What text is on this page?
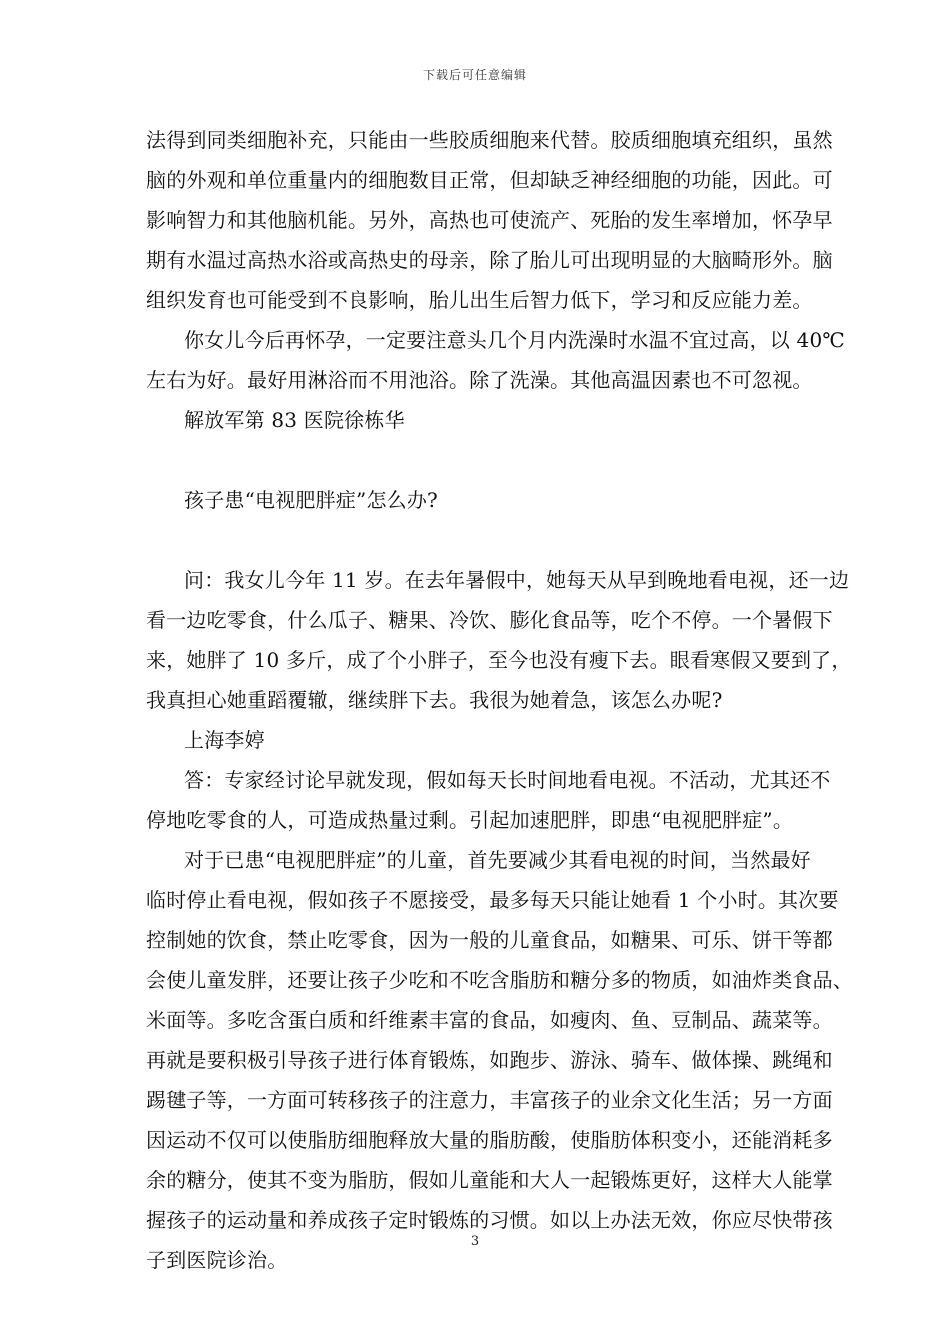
下载后可任意编辑
法得到同类细胞补充，只能由一些胶质细胞来代替。胶质细胞填充组织，虽然
脑的外观和单位重量内的细胞数目正常，但却缺乏神经细胞的功能，因此。可
影响智力和其他脑机能。另外，高热也可使流产、死胎的发生率增加，怀孕早
期有水温过高热水浴或高热史的母亲，除了胎儿可出现明显的大脑畸形外。脑
组织发育也可能受到不良影响，胎儿出生后智力低下，学习和反应能力差。
你女儿今后再怀孕，一定要注意头几个月内洗澡时水温不宜过高，以 40℃
左右为好。最好用淋浴而不用池浴。除了洗澡。其他高温因素也不可忽视。
解放军第 83 医院徐栋华
孩子患“电视肥胖症”怎么办?
问：我女儿今年 11 岁。在去年暑假中，她每天从早到晚地看电视，还一边
看一边吃零食，什么瓜子、糖果、冷饮、膨化食品等，吃个不停。一个暑假下
来，她胖了 10 多斤，成了个小胖子，至今也没有瘦下去。眼看寒假又要到了，
我真担心她重蹈覆辙，继续胖下去。我很为她着急，该怎么办呢?
上海李婷
答：专家经讨论早就发现，假如每天长时间地看电视。不活动，尤其还不
停地吃零食的人，可造成热量过剩。引起加速肥胖，即患“电视肥胖症”。
对于已患“电视肥胖症”的儿童，首先要减少其看电视的时间，当然最好
临时停止看电视，假如孩子不愿接受，最多每天只能让她看 1 个小时。其次要
控制她的饮食，禁止吃零食，因为一般的儿童食品，如糖果、可乐、饼干等都
会使儿童发胖，还要让孩子少吃和不吃含脂肪和糖分多的物质，如油炸类食品、
米面等。多吃含蛋白质和纤维素丰富的食品，如瘦肉、鱼、豆制品、蔬菜等。
再就是要积极引导孩子进行体育锻炼，如跑步、游泳、骑车、做体操、跳绳和
踢毽子等，一方面可转移孩子的注意力，丰富孩子的业余文化生活；另一方面
因运动不仅可以使脂肪细胞释放大量的脂肪酸，使脂肪体积变小，还能消耗多
余的糖分，使其不变为脂肪，假如儿童能和大人一起锻炼更好，这样大人能掌
握孩子的运动量和养成孩子定时锻炼的习惯。如以上办法无效，你应尽快带孩
子到医院诊治。
3
